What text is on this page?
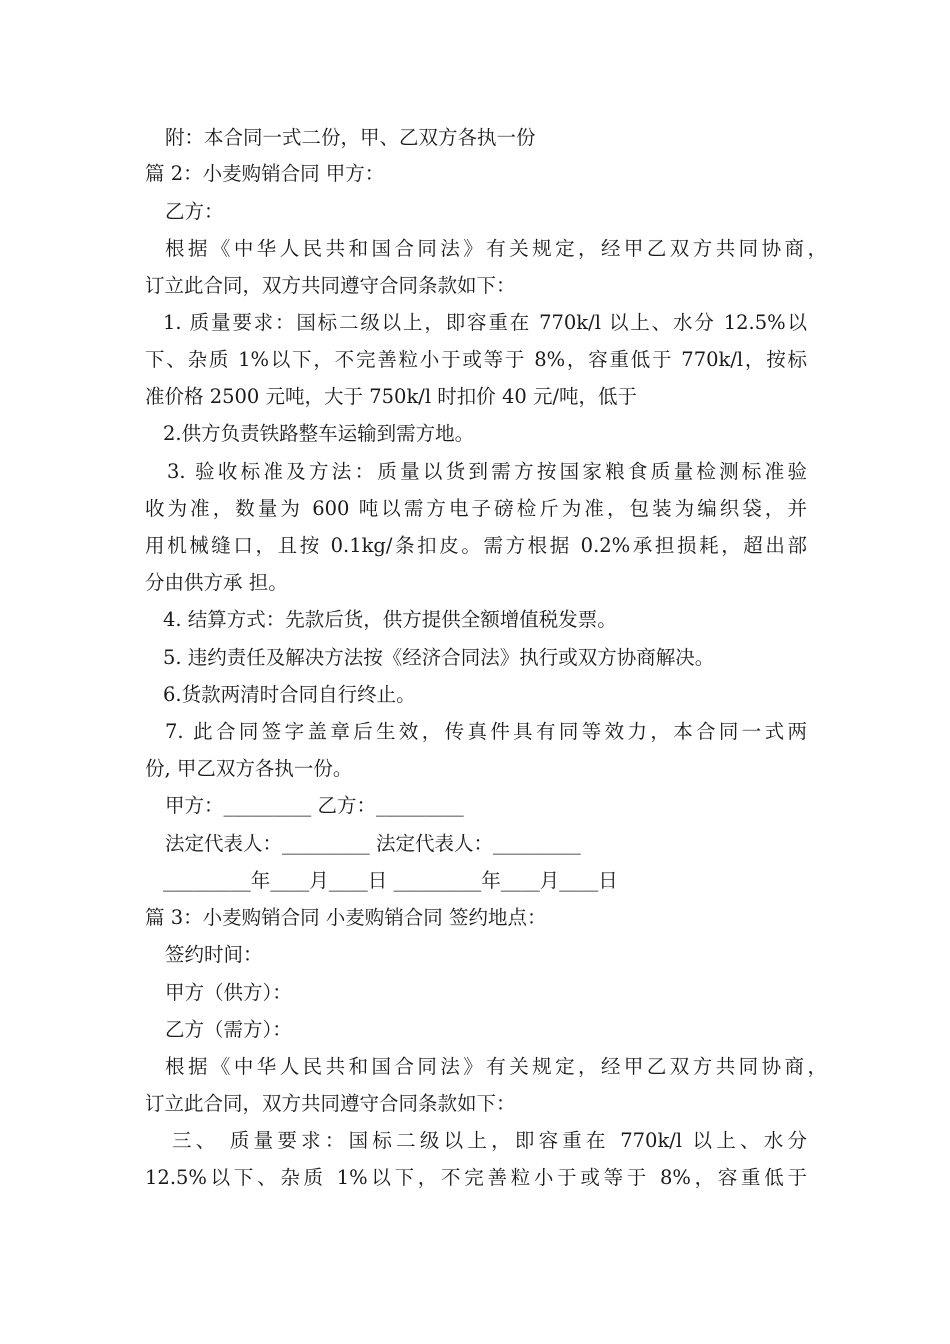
附：本合同一式二份，甲、乙双方各执一份
篇 2：小麦购销合同 甲方：
乙方：
根据《中华人民共和国合同法》有关规定，经甲乙双方共同协商，
订立此合同，双方共同遵守合同条款如下：
1. 质量要求：国标二级以上，即容重在 770k/l 以上、水分 12.5%以
下、杂质 1%以下，不完善粒小于或等于 8%，容重低于 770k/l，按标
准价格 2500 元吨，大于 750k/l 时扣价 40 元/吨，低于
2.供方负责铁路整车运输到需方地。
3. 验收标准及方法：质量以货到需方按国家粮食质量检测标准验
收为准，数量为 600 吨以需方电子磅检斤为准，包装为编织袋，并
用机械缝口，且按 0.1kg/条扣皮。需方根据 0.2%承担损耗，超出部
分由供方承 担。
4. 结算方式：先款后货，供方提供全额增值税发票。
5. 违约责任及解决方法按《经济合同法》执行或双方协商解决。
6.货款两清时合同自行终止。
7. 此合同签字盖章后生效，传真件具有同等效力，本合同一式两
份, 甲乙双方各执一份。
甲方：_________ 乙方：_________
法定代表人：_________ 法定代表人：_________
_________年____月____日 _________年____月____日
篇 3：小麦购销合同 小麦购销合同 签约地点：
签约时间：
甲方（供方）：
乙方（需方）：
根据《中华人民共和国合同法》有关规定，经甲乙双方共同协商，
订立此合同，双方共同遵守合同条款如下：
三、 质量要求：国标二级以上，即容重在 770k/l 以上、水分
12.5%以下、杂质 1%以下，不完善粒小于或等于 8%，容重低于
